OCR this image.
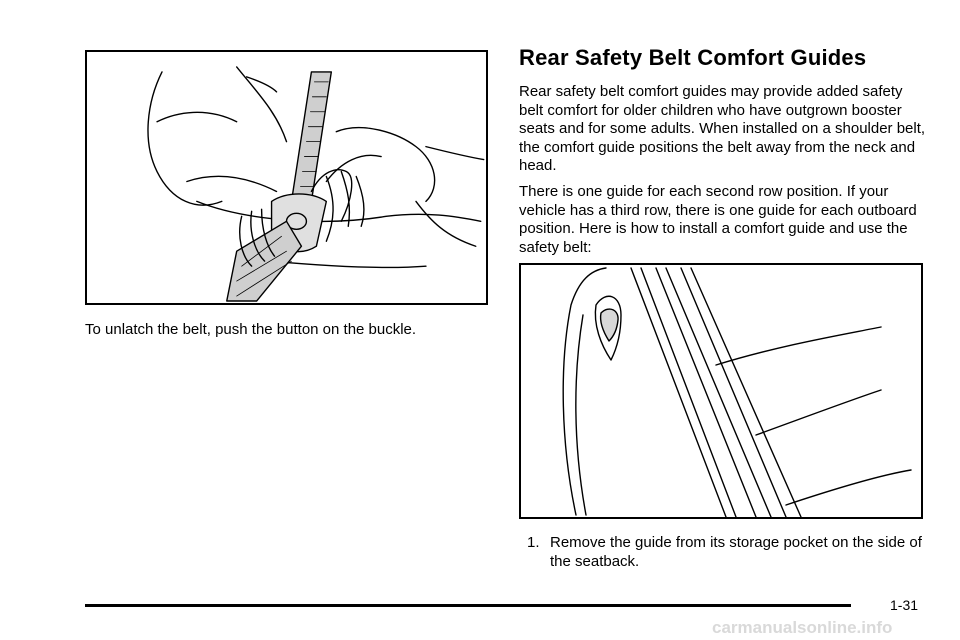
To unlatch the belt, push the button on the buckle.

Rear Safety Belt Comfort Guides

Rear safety belt comfort guides may provide added safety belt comfort for older children who have outgrown booster seats and for some adults. When installed on a shoulder belt, the comfort guide positions the belt away from the neck and head.

There is one guide for each second row position. If your vehicle has a third row, there is one guide for each outboard position. Here is how to install a comfort guide and use the safety belt:

1. Remove the guide from its storage pocket on the side of the seatback.
1-31
carmanualsonline.info
